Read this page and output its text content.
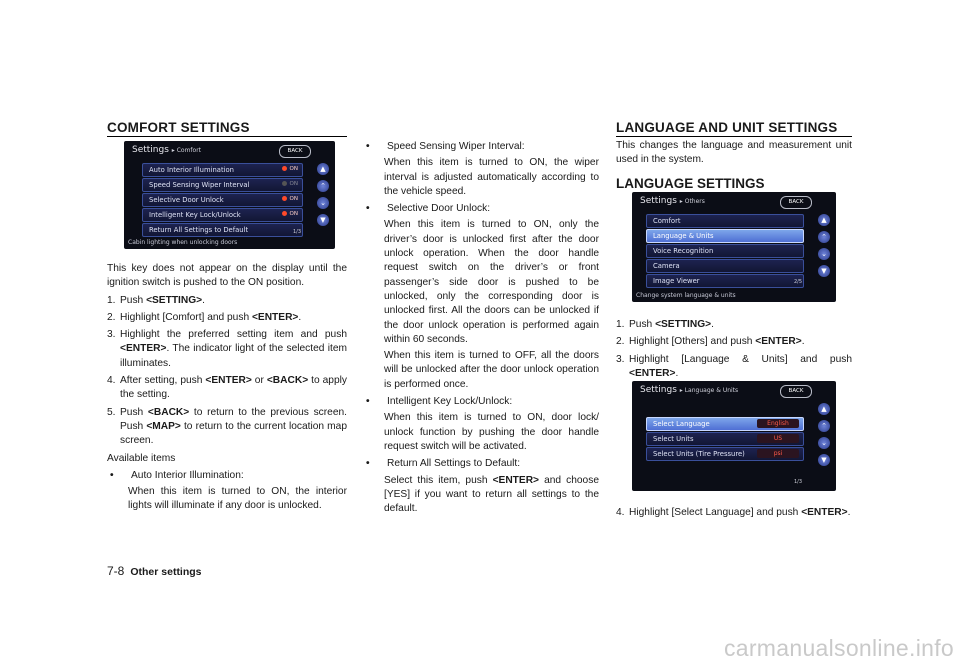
COMFORT SETTINGS
Settings ▸ Comfort	BACK
Auto Interior Illumination	ON
Speed Sensing Wiper Interval	ON
Selective Door Unlock	ON
Intelligent Key Lock/Unlock	ON
Return All Settings to Default	1/3
Cabin lighting when unlocking doors
▲
⌃
⌄
▼

This key does not appear on the display until the ignition switch is pushed to the ON position.

1. Push <SETTING>.
2. Highlight [Comfort] and push <ENTER>.
3. Highlight the preferred setting item and push <ENTER>. The indicator light of the selected item illuminates.
4. After setting, push <ENTER> or <BACK> to apply the setting.
5. Push <BACK> to return to the previous screen. Push <MAP> to return to the current location map screen.

Available items

•	Auto Interior Illumination:

When this item is turned to ON, the interior lights will illuminate if any door is unlocked.

•	Speed Sensing Wiper Interval:

When this item is turned to ON, the wiper interval is adjusted automatically according to the vehicle speed.

•	Selective Door Unlock:

When this item is turned to ON, only the driver’s door is unlocked first after the door unlock operation. When the door handle request switch on the driver’s or front passenger’s side door is pushed to be unlocked, only the corresponding door is unlocked first. All the doors can be unlocked if the door unlock operation is performed again within 60 seconds.

When this item is turned to OFF, all the doors will be unlocked after the door unlock operation is performed once.

•	Intelligent Key Lock/Unlock:

When this item is turned to ON, door lock/ unlock function by pushing the door handle request switch will be activated.

•	Return All Settings to Default:

Select this item, push <ENTER> and choose [YES] if you want to return all settings to the default.

LANGUAGE AND UNIT SETTINGS

This changes the language and measurement unit used in the system.

LANGUAGE SETTINGS
Settings ▸ Others	BACK
Comfort
Language & Units
Voice Recognition
Camera
Image Viewer	2/5
Change system language & units
▲
⌃
⌄
▼
1. Push <SETTING>.
2. Highlight [Others] and push <ENTER>.
3. Highlight [Language & Units] and push <ENTER>.
Settings ▸ Language & Units	BACK
Select Language	English
Select Units	US
Select Units (Tire Pressure)	psi
1/3
▲
⌃
⌄
▼
4. Highlight [Select Language] and push <ENTER>.
7-8 Other settings
carmanualsonline.info
